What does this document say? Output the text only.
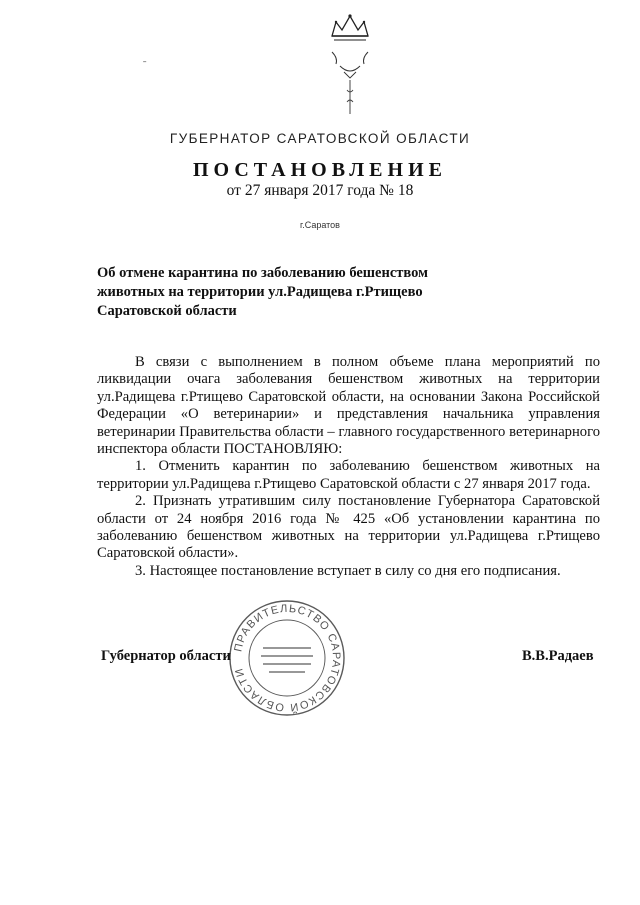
ˉ
ГУБЕРНАТОР САРАТОВСКОЙ ОБЛАСТИ
ПОСТАНОВЛЕНИЕ
от 27 января 2017 года № 18
г.Саратов
Об отмене карантина по заболеванию бешенством
животных на территории ул.Радищева г.Ртищево
Саратовской области

В связи с выполнением в полном объеме плана мероприятий по ликвидации очага заболевания бешенством животных на территории ул.Радищева г.Ртищево Саратовской области, на основании Закона Российской Федерации «О ветеринарии» и представления начальника управления ветеринарии Правительства области – главного государственного ветеринарного инспектора области ПОСТАНОВЛЯЮ:

1. Отменить карантин по заболеванию бешенством животных на территории ул.Радищева г.Ртищево Саратовской области с 27 января 2017 года.

2. Признать утратившим силу постановление Губернатора Саратовской области от 24 ноября 2016 года № 425 «Об установлении карантина по заболеванию бешенством животных на территории ул.Радищева г.Ртищево Саратовской области».

3. Настоящее постановление вступает в силу со дня его подписания.

ПРАВИТЕЛЬСТВО САРАТОВСКОЙ ОБЛАСТИ
Губернатор области	В.В.Радаев
